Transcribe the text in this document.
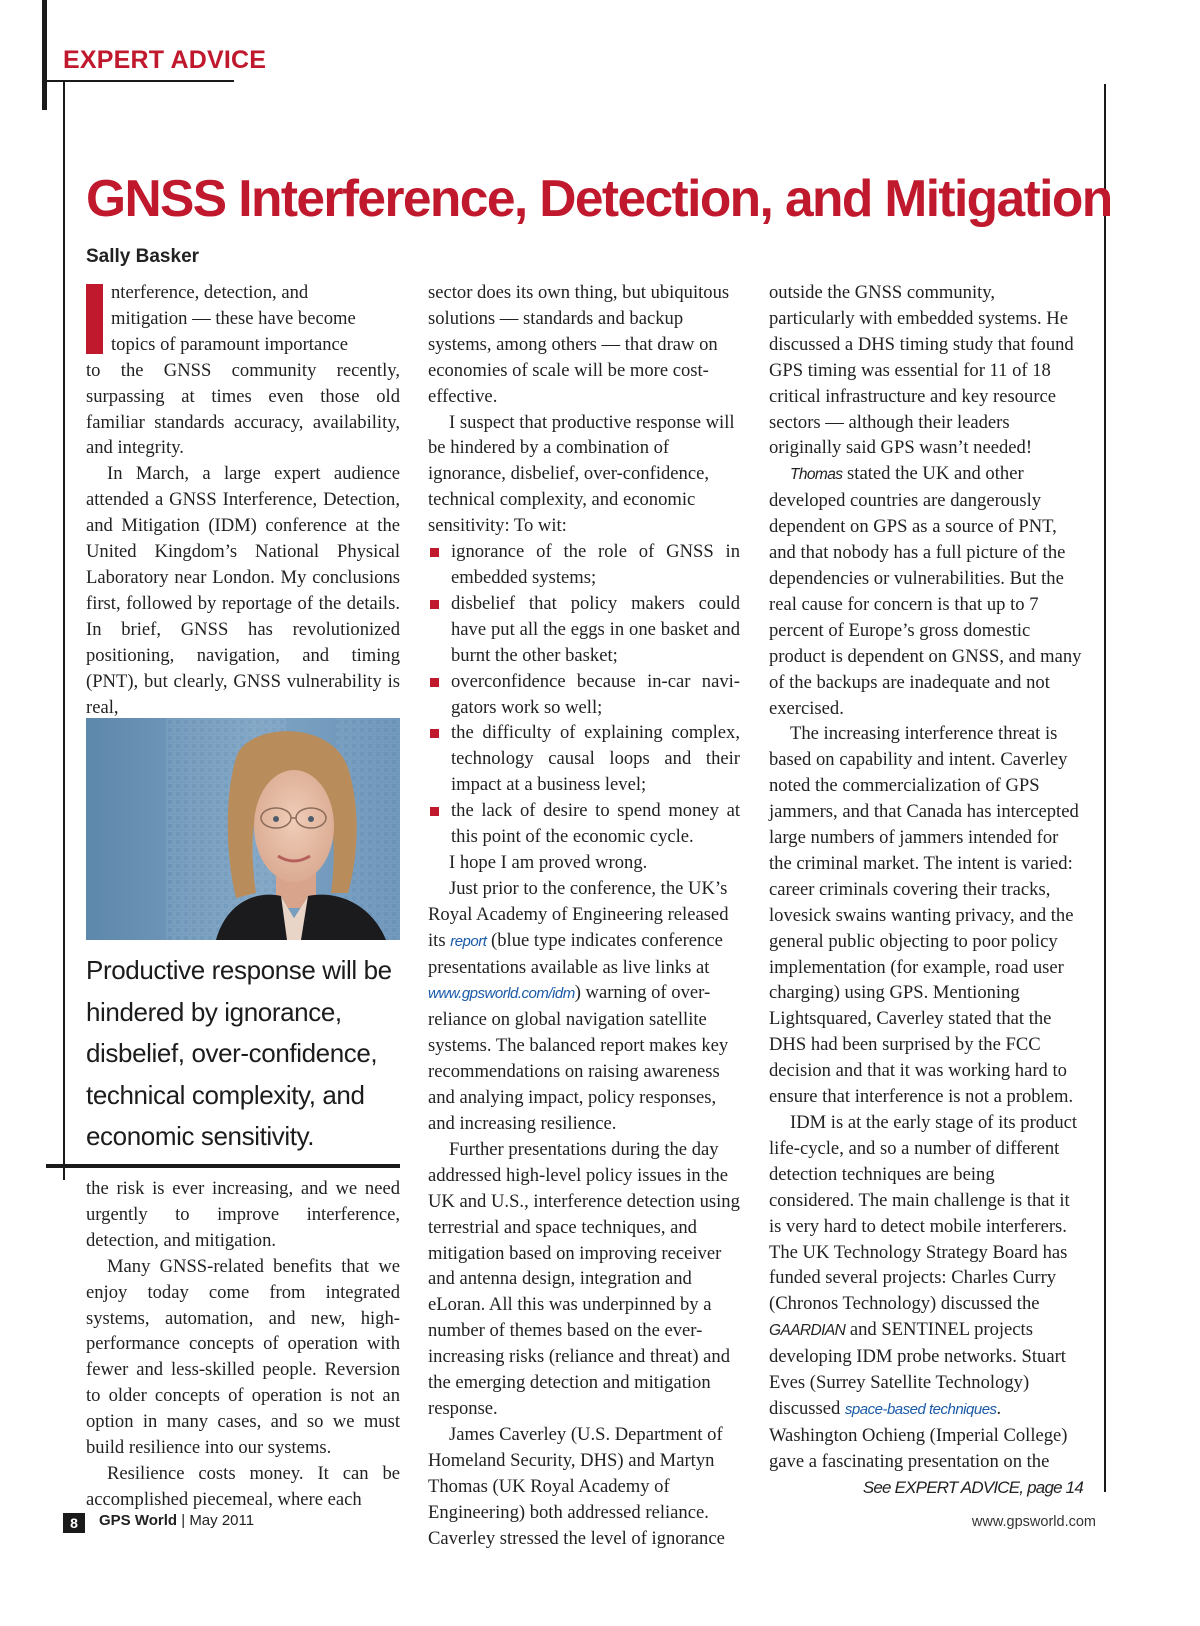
EXPERT ADVICE
GNSS Interference, Detection, and Mitigation
Sally Basker
nterference, detection, and
mitigation — these have become
topics of paramount importance

to the GNSS community recently, surpassing at times even those old familiar standards accuracy, availability, and integrity.

In March, a large expert audience attended a GNSS Interference, Detection, and Mitigation (IDM) conference at the United Kingdom’s National Physical Laboratory near London. My conclusions first, followed by reportage of the details. In brief, GNSS has revolutionized positioning, navigation, and timing (PNT), but clearly, GNSS vulnerability is real,

Productive response will be hindered by ignorance, disbelief, over-confidence, technical complexity, and economic sensitivity.

the risk is ever increasing, and we need urgently to improve interference, detection, and mitigation.

Many GNSS-related benefits that we enjoy today come from integrated systems, automation, and new, high-performance concepts of operation with fewer and less-skilled people. Reversion to older concepts of operation is not an option in many cases, and so we must build resilience into our systems.

Resilience costs money. It can be accomplished piecemeal, where each

sector does its own thing, but ubiquitous solutions — standards and backup systems, among others — that draw on economies of scale will be more cost-effective.

I suspect that productive response will be hindered by a combination of ignorance, disbelief, over-confidence, technical complexity, and economic sensitivity: To wit:

ignorance of the role of GNSS in embedded systems;
disbelief that policy makers could have put all the eggs in one basket and burnt the other basket;
overconfidence because in-car navi-gators work so well;
the difficulty of explaining complex, technology causal loops and their impact at a business level;
the lack of desire to spend money at this point of the economic cycle.

I hope I am proved wrong.

Just prior to the conference, the UK’s Royal Academy of Engineering released its report (blue type indicates conference presentations available as live links at www.gpsworld.com/idm) warning of over-reliance on global navigation satellite systems. The balanced report makes key recommendations on raising awareness and analying impact, policy responses, and increasing resilience.

Further presentations during the day addressed high-level policy issues in the UK and U.S., interference detection using terrestrial and space techniques, and mitigation based on improving receiver and antenna design, integration and eLoran. All this was underpinned by a number of themes based on the ever-increasing risks (reliance and threat) and the emerging detection and mitigation response.

James Caverley (U.S. Department of Homeland Security, DHS) and Martyn Thomas (UK Royal Academy of Engineering) both addressed reliance. Caverley stressed the level of ignorance

outside the GNSS community, particularly with embedded systems. He discussed a DHS timing study that found GPS timing was essential for 11 of 18 critical infrastructure and key resource sectors — although their leaders originally said GPS wasn’t needed!

Thomas stated the UK and other developed countries are dangerously dependent on GPS as a source of PNT, and that nobody has a full picture of the dependencies or vulnerabilities. But the real cause for concern is that up to 7 percent of Europe’s gross domestic product is dependent on GNSS, and many of the backups are inadequate and not exercised.

The increasing interference threat is based on capability and intent. Caverley noted the commercialization of GPS jammers, and that Canada has intercepted large numbers of jammers intended for the criminal market. The intent is varied: career criminals covering their tracks, lovesick swains wanting privacy, and the general public objecting to poor policy implementation (for example, road user charging) using GPS. Mentioning Lightsquared, Caverley stated that the DHS had been surprised by the FCC decision and that it was working hard to ensure that interference is not a problem.

IDM is at the early stage of its product life-cycle, and so a number of different detection techniques are being considered. The main challenge is that it is very hard to detect mobile interferers. The UK Technology Strategy Board has funded several projects: Charles Curry (Chronos Technology) discussed the GAARDIAN and SENTINEL projects developing IDM probe networks. Stuart Eves (Surrey Satellite Technology) discussed space-based techniques. Washington Ochieng (Imperial College) gave a fascinating presentation on the

See EXPERT ADVICE, page 14
8	GPS World | May 2011	www.gpsworld.com
